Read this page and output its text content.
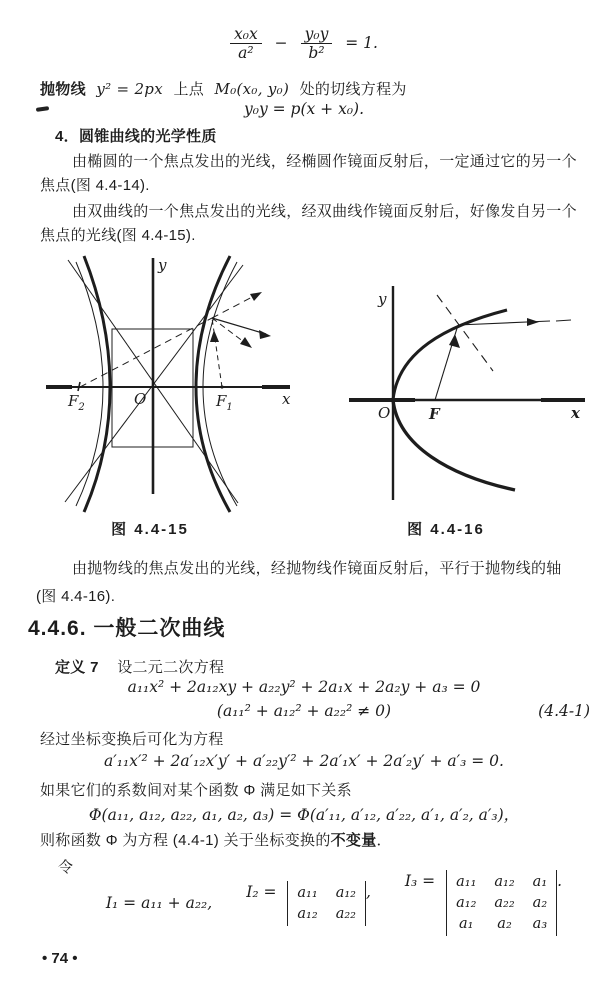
$\frac{\text{x₀x}}{\text{a²}} - \frac{\text{y₀y}}{\text{b²}} = 1$.
抛物线 y² = 2px 上点 M₀(x₀, y₀) 处的切线方程为
y₀y = p(x + x₀).
4．圆锥曲线的光学性质
由椭圆的一个焦点发出的光线，经椭圆作镜面反射后，一定通过它的另一个
焦点(图 4.4-14).
由双曲线的一个焦点发出的光线，经双曲线作镜面反射后，好像发自另一个
焦点的光线(图 4.4-15).
y
x
O
$F_2$	$F_1$
图 4.4-15
y
x
O	F
图 4.4-16
由抛物线的焦点发出的光线，经抛物线作镜面反射后，平行于抛物线的轴
(图 4.4-16).
4.4.6. 一般二次曲线
定义 7 设二元二次方程
a₁₁x² + 2a₁₂xy + a₂₂y² + 2a₁x + 2a₂y + a₃ = 0
(a₁₁² + a₁₂² + a₂₂² ≠ 0)	(4.4-1)
经过坐标变换后可化为方程
a′₁₁x′² + 2a′₁₂x′y′ + a′₂₂y′² + 2a′₁x′ + 2a′₂y′ + a′₃ = 0.
如果它们的系数间对某个函数 Φ 满足如下关系
Φ(a₁₁, a₁₂, a₂₂, a₁, a₂, a₃) = Φ(a′₁₁, a′₁₂, a′₂₂, a′₁, a′₂, a′₃)，
则称函数 Φ 为方程 (4.4-1) 关于坐标变换的不变量．
令
I₁ = a₁₁ + a₂₂,
I₂ = a₁₁ a₁₂
a₁₂ a₂₂
,
I₃ = a₁₁ a₁₂ a₁
a₁₂ a₂₂ a₂
a₁ a₂ a₃
.
• 74 •
